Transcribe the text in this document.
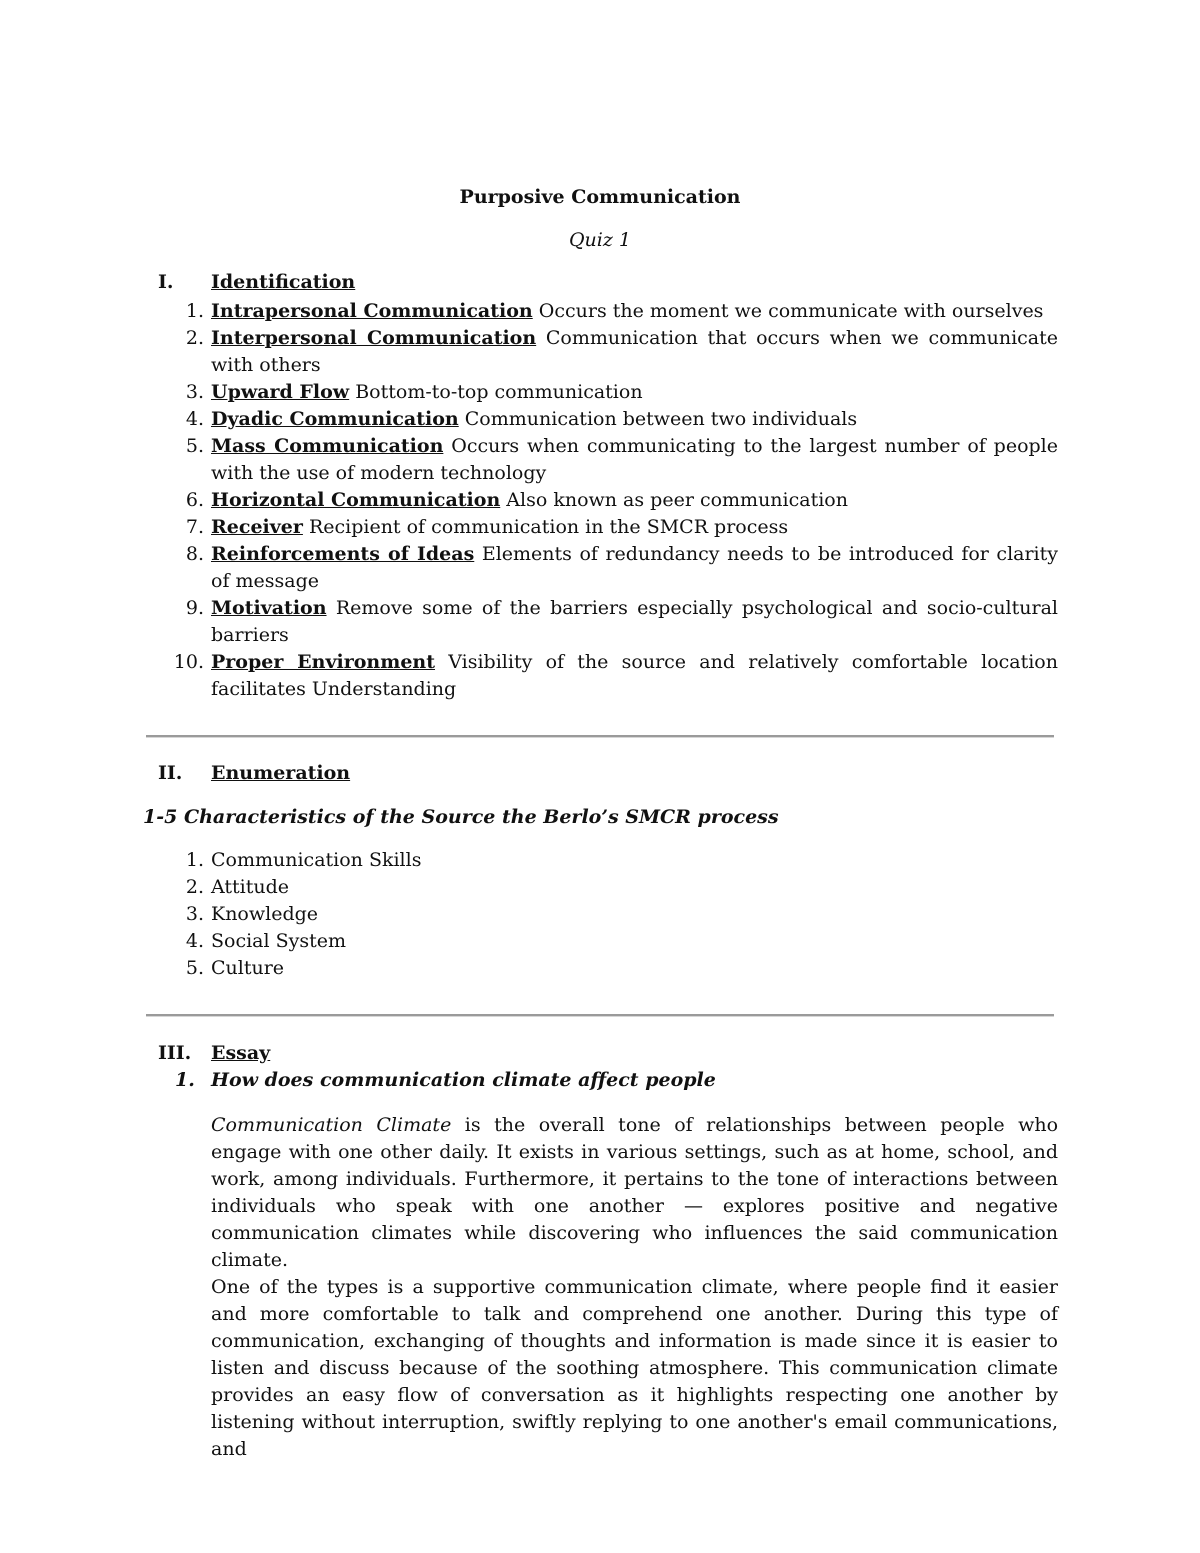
Purposive Communication
Quiz 1
I. Identification
1. Intrapersonal Communication Occurs the moment we communicate with ourselves
2. Interpersonal Communication Communication that occurs when we communicate with others
3. Upward Flow Bottom-to-top communication
4. Dyadic Communication Communication between two individuals
5. Mass Communication Occurs when communicating to the largest number of people with the use of modern technology
6. Horizontal Communication Also known as peer communication
7. Receiver Recipient of communication in the SMCR process
8. Reinforcements of Ideas Elements of redundancy needs to be introduced for clarity of message
9. Motivation Remove some of the barriers especially psychological and socio-cultural barriers
10. Proper Environment Visibility of the source and relatively comfortable location facilitates Understanding
II. Enumeration
1-5 Characteristics of the Source the Berlo’s SMCR process
1. Communication Skills
2. Attitude
3. Knowledge
4. Social System
5. Culture
III. Essay
1. How does communication climate affect people

Communication Climate is the overall tone of relationships between people who engage with one other daily. It exists in various settings, such as at home, school, and work, among individuals. Furthermore, it pertains to the tone of interactions between individuals who speak with one another — explores positive and negative communication climates while discovering who influences the said communication climate.

One of the types is a supportive communication climate, where people find it easier and more comfortable to talk and comprehend one another. During this type of communication, exchanging of thoughts and information is made since it is easier to listen and discuss because of the soothing atmosphere. This communication climate provides an easy flow of conversation as it highlights respecting one another by listening without interruption, swiftly replying to one another's email communications, and
